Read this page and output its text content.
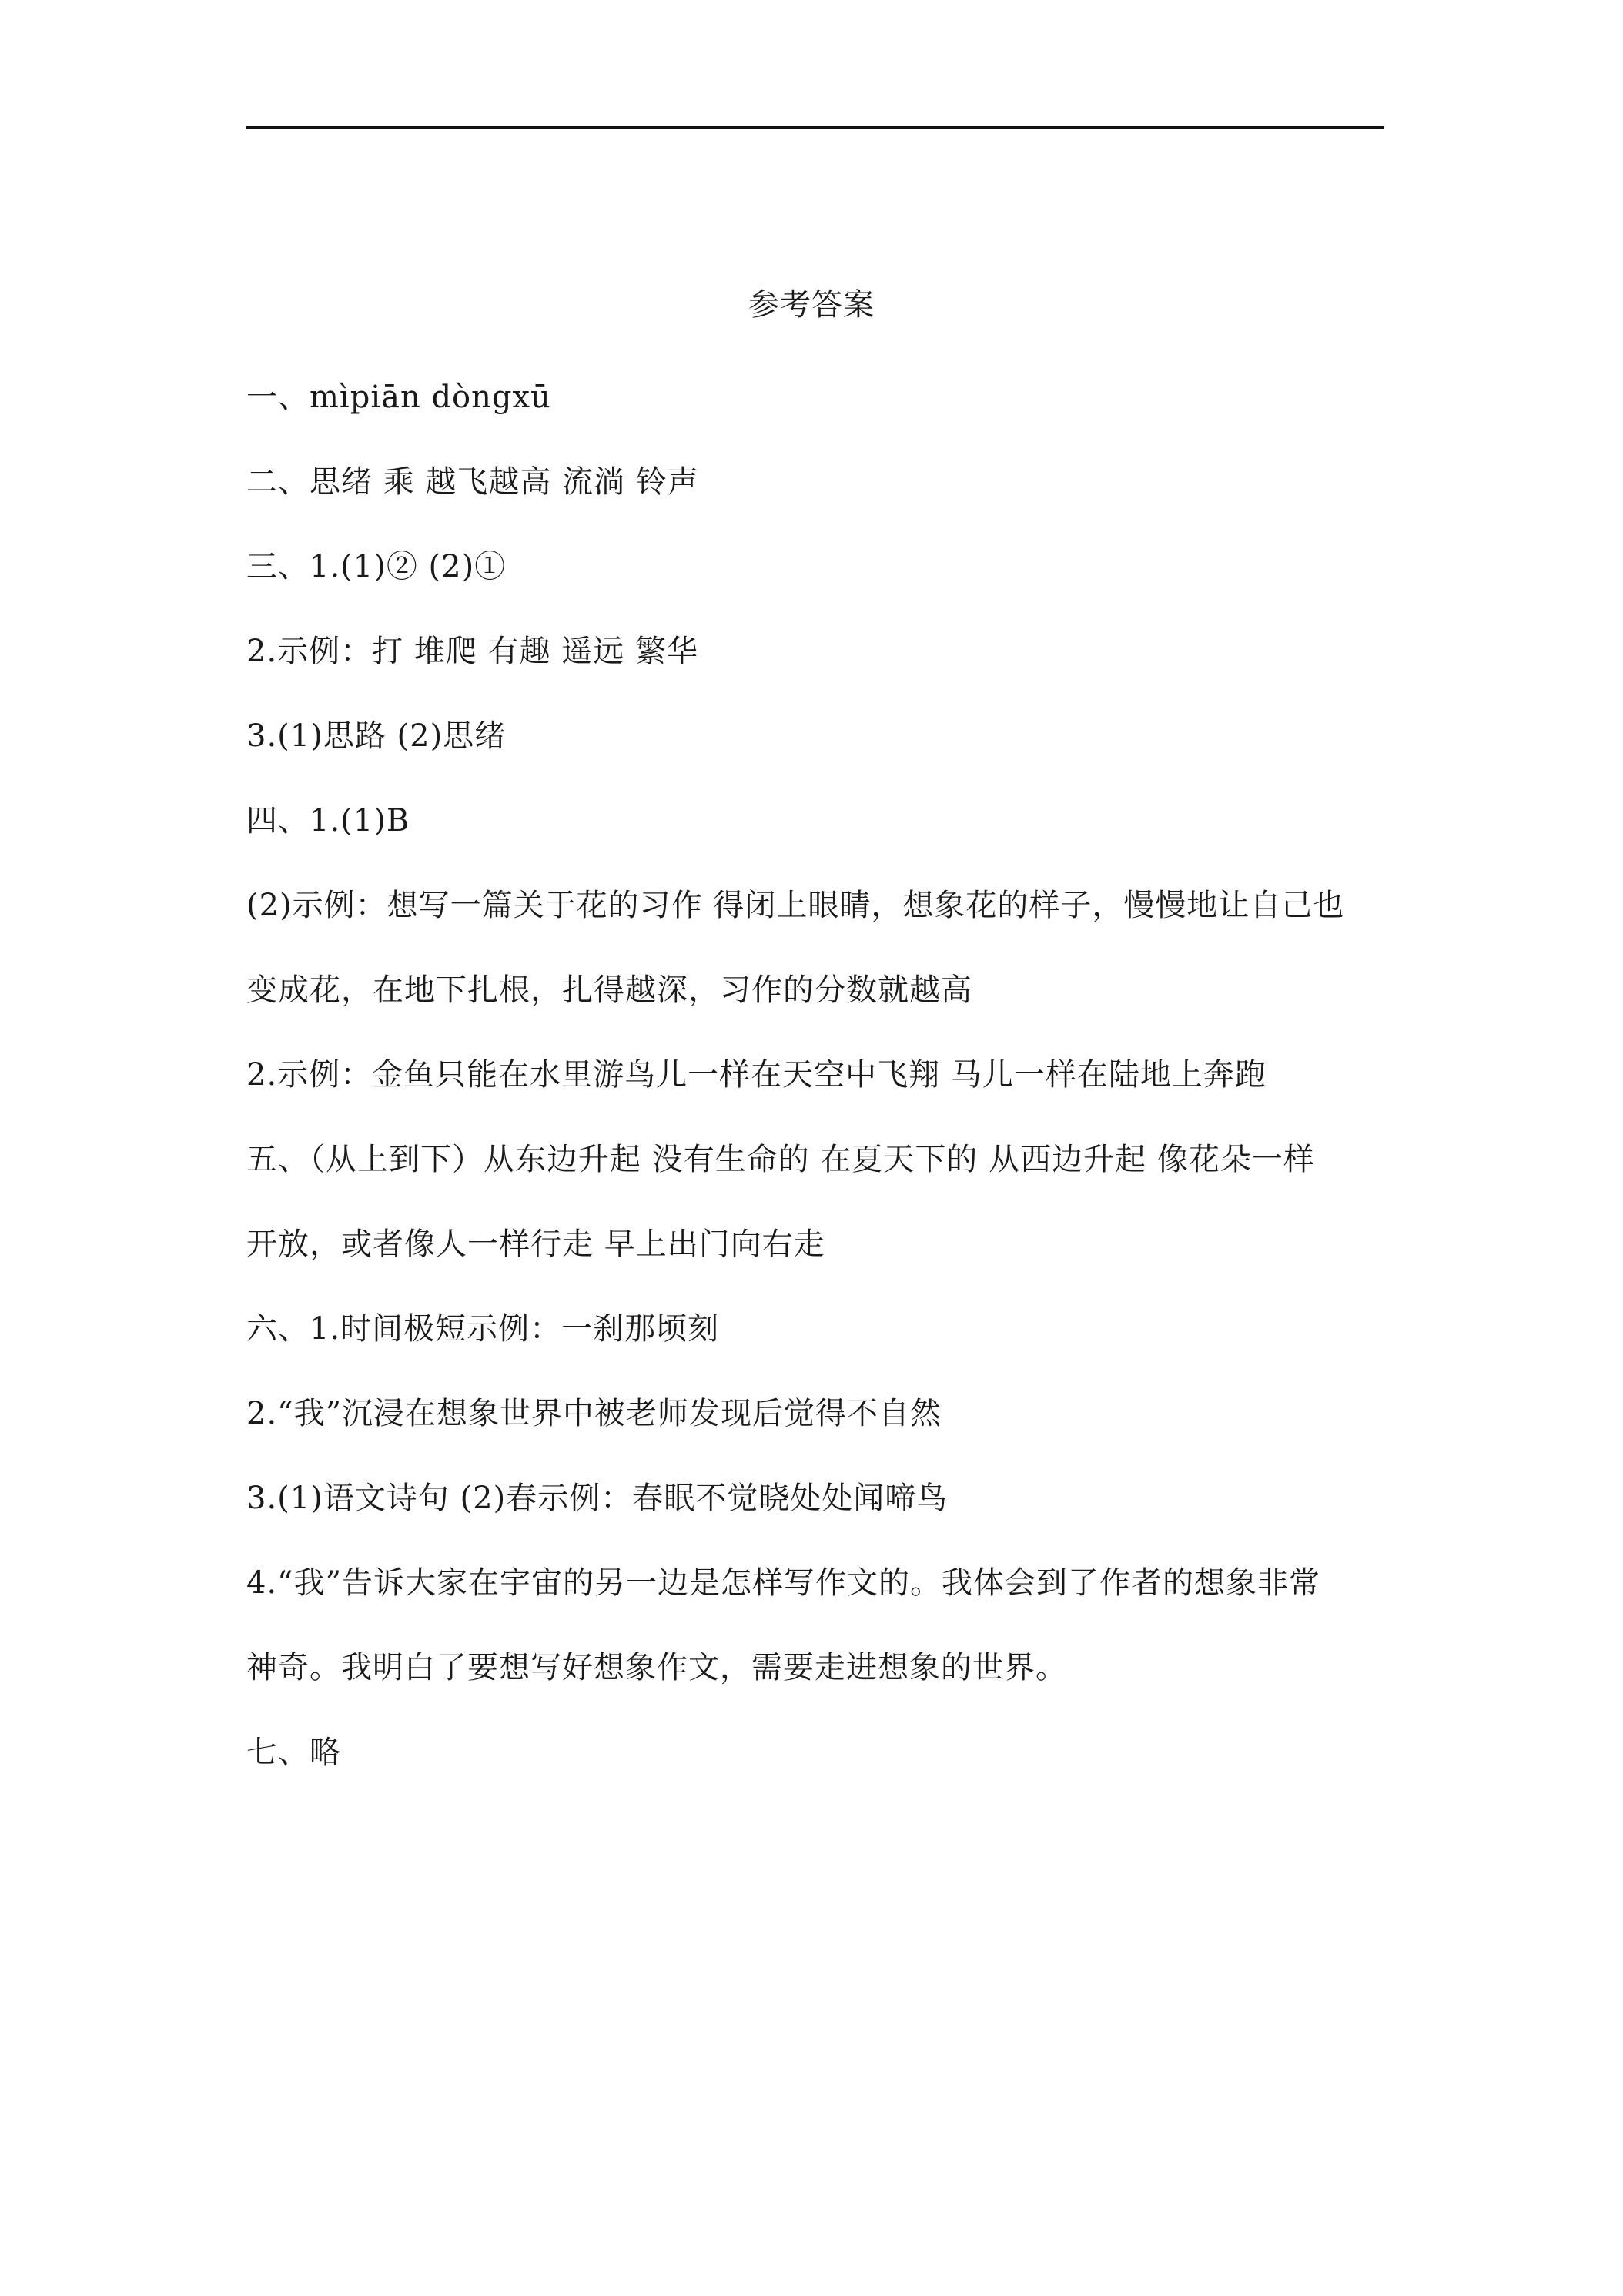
参考答案
一、mìpiān dòngxū
二、思绪 乘 越飞越高 流淌 铃声
三、1.(1)② (2)①
2.示例：打 堆爬 有趣 遥远 繁华
3.(1)思路 (2)思绪
四、1.(1)B
(2)示例：想写一篇关于花的习作 得闭上眼睛，想象花的样子，慢慢地让自己也
变成花，在地下扎根，扎得越深，习作的分数就越高
2.示例：金鱼只能在水里游鸟儿一样在天空中飞翔 马儿一样在陆地上奔跑
五、（从上到下）从东边升起 没有生命的 在夏天下的 从西边升起 像花朵一样
开放，或者像人一样行走 早上出门向右走
六、1.时间极短示例：一刹那顷刻
2.“我”沉浸在想象世界中被老师发现后觉得不自然
3.(1)语文诗句 (2)春示例：春眠不觉晓处处闻啼鸟
4.“我”告诉大家在宇宙的另一边是怎样写作文的。我体会到了作者的想象非常
神奇。我明白了要想写好想象作文，需要走进想象的世界。
七、略
